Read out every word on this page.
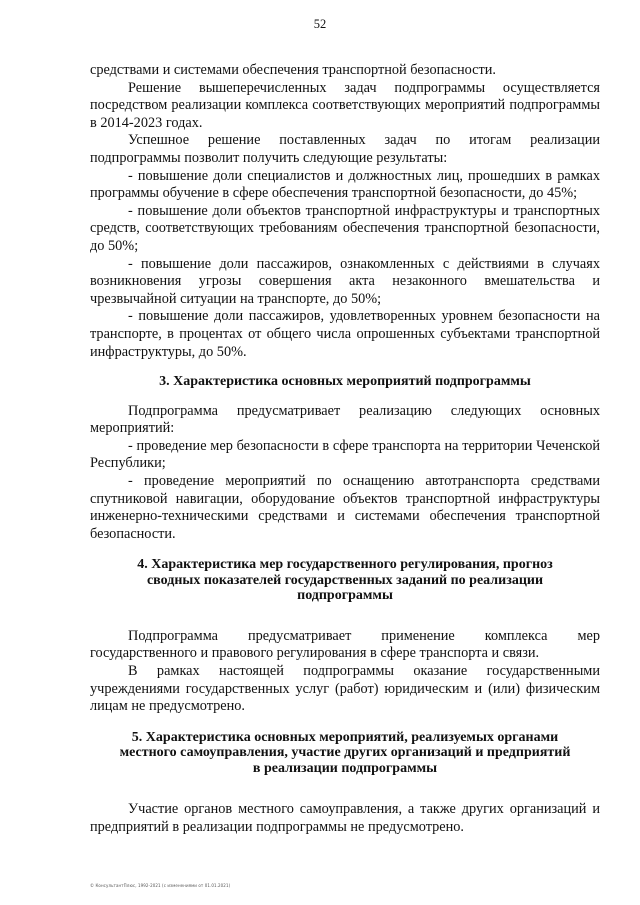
52

средствами и системами обеспечения транспортной безопасности.

Решение вышеперечисленных задач подпрограммы осуществляется посредством реализации комплекса соответствующих мероприятий подпрограммы в 2014-2023 годах.

Успешное решение поставленных задач по итогам реализации подпрограммы позволит получить следующие результаты:

- повышение доли специалистов и должностных лиц, прошедших в рамках программы обучение в сфере обеспечения транспортной безопасности, до 45%;

- повышение доли объектов транспортной инфраструктуры и транспортных средств, соответствующих требованиям обеспечения транспортной безопасности, до 50%;

- повышение доли пассажиров, ознакомленных с действиями в случаях возникновения угрозы совершения акта незаконного вмешательства и чрезвычайной ситуации на транспорте, до 50%;

- повышение доли пассажиров, удовлетворенных уровнем безопасности на транспорте, в процентах от общего числа опрошенных субъектами транспортной инфраструктуры, до 50%.

3. Характеристика основных мероприятий подпрограммы

Подпрограмма предусматривает реализацию следующих основных мероприятий:

- проведение мер безопасности в сфере транспорта на территории Чеченской Республики;

- проведение мероприятий по оснащению автотранспорта средствами спутниковой навигации, оборудование объектов транспортной инфраструктуры инженерно-техническими средствами и системами обеспечения транспортной безопасности.

4. Характеристика мер государственного регулирования, прогноз
сводных показателей государственных заданий по реализации
подпрограммы

Подпрограмма предусматривает применение комплекса мер государственного и правового регулирования в сфере транспорта и связи.

В рамках настоящей подпрограммы оказание государственными учреждениями государственных услуг (работ) юридическим и (или) физическим лицам не предусмотрено.

5. Характеристика основных мероприятий, реализуемых органами
местного самоуправления, участие других организаций и предприятий
в реализации подпрограммы

Участие органов местного самоуправления, а также других организаций и предприятий в реализации подпрограммы не предусмотрено.

© КонсультантПлюс, 1992-2021 (с изменениями от 01.01.2021)
